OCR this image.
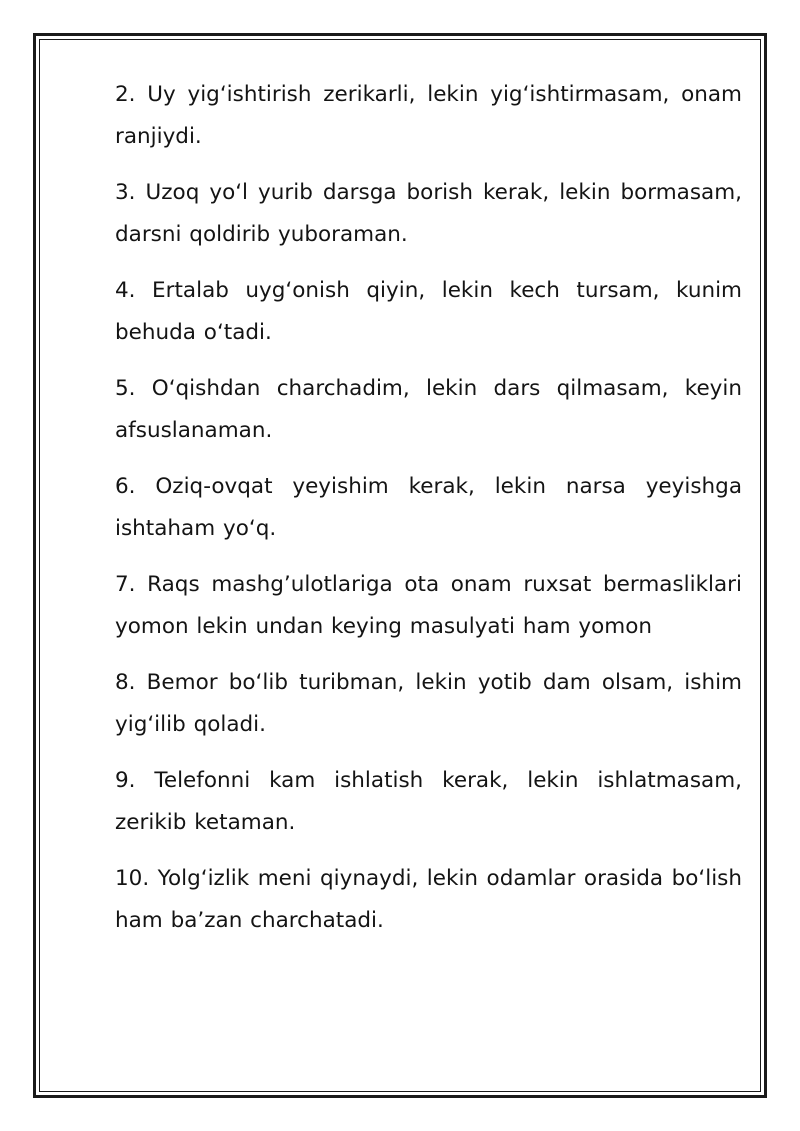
2. Uy yig‘ishtirish zerikarli, lekin yig‘ishtirmasam, onam ranjiydi.

3. Uzoq yo‘l yurib darsga borish kerak, lekin bormasam, darsni qoldirib yuboraman.

4. Ertalab uyg‘onish qiyin, lekin kech tursam, kunim behuda o‘tadi.

5. O‘qishdan charchadim, lekin dars qilmasam, keyin afsuslanaman.

6. Oziq-ovqat yeyishim kerak, lekin narsa yeyishga ishtaham yo‘q.

7. Raqs mashg’ulotlariga ota onam ruxsat bermasliklari yomon lekin undan keying masulyati ham yomon

8. Bemor bo‘lib turibman, lekin yotib dam olsam, ishim yig‘ilib qoladi.

9. Telefonni kam ishlatish kerak, lekin ishlatmasam, zerikib ketaman.

10. Yolg‘izlik meni qiynaydi, lekin odamlar orasida bo‘lish ham ba’zan charchatadi.
